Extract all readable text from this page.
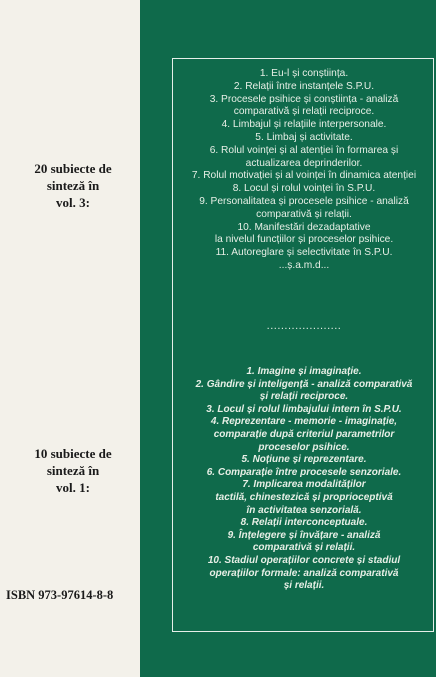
20 subiecte de
sinteză în
vol. 3:
10 subiecte de
sinteză în
vol. 1:
ISBN 973-97614-8-8
1. Eu-l și conștiința.
2. Relații între instanțele S.P.U.
3. Procesele psihice și conștiința - analiză
comparativă și relații reciproce.
4. Limbajul și relațiile interpersonale.
5. Limbaj și activitate.
6. Rolul voinței și al atenției în formarea și
actualizarea deprinderilor.
7. Rolul motivației și al voinței în dinamica atenției
8. Locul și rolul voinței în S.P.U.
9. Personalitatea și procesele psihice - analiză
comparativă și relații.
10. Manifestări dezadaptative
la nivelul funcțiilor și proceselor psihice.
11. Autoreglare și selectivitate în S.P.U.
...ș.a.m.d...
.....................
1. Imagine și imaginație.
2. Gândire și inteligență - analiză comparativă
și relații reciproce.
3. Locul și rolul limbajului intern în S.P.U.
4. Reprezentare - memorie - imaginație,
comparație după criteriul parametrilor
proceselor psihice.
5. Noțiune și reprezentare.
6. Comparație între procesele senzoriale.
7. Implicarea modalităților
tactilă, chinestezică și proprioceptivă
în activitatea senzorială.
8. Relații interconceptuale.
9. Înțelegere și învățare - analiză
comparativă și relații.
10. Stadiul operațiilor concrete și stadiul
operațiilor formale: analiză comparativă
și relații.
